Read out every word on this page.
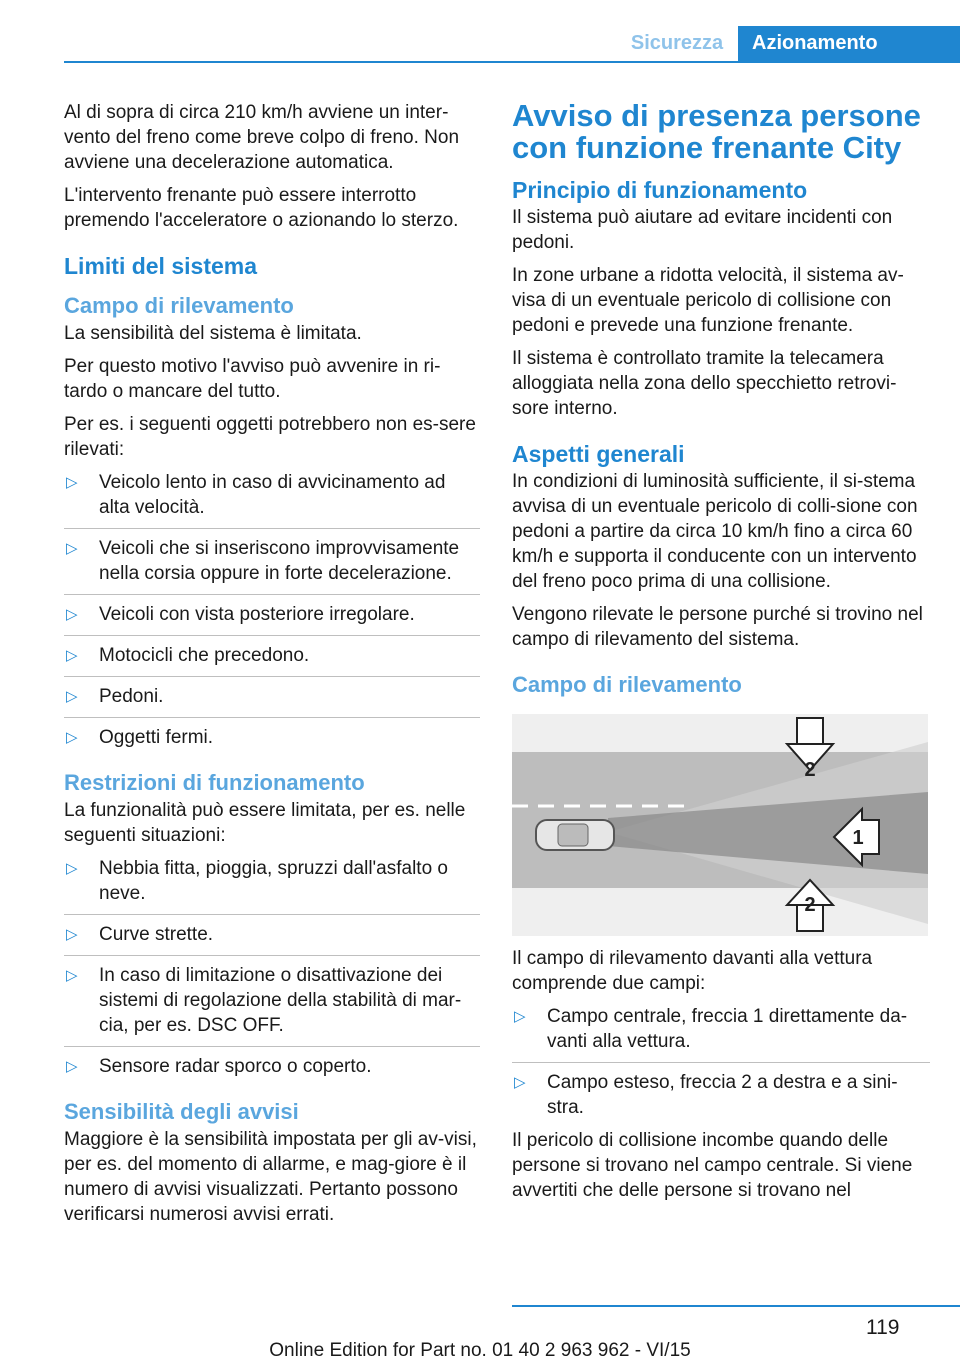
Sicurezza	Azionamento

Al di sopra di circa 210 km/h avviene un inter‐vento del freno come breve colpo di freno. Non avviene una decelerazione automatica.

L'intervento frenante può essere interrotto premendo l'acceleratore o azionando lo sterzo.

Limiti del sistema
Campo di rilevamento

La sensibilità del sistema è limitata.

Per questo motivo l'avviso può avvenire in ri‐tardo o mancare del tutto.

Per es. i seguenti oggetti potrebbero non es‐sere rilevati:

▷ Veicolo lento in caso di avvicinamento ad alta velocità.
▷ Veicoli che si inseriscono improvvisamente nella corsia oppure in forte decelerazione.
▷ Veicoli con vista posteriore irregolare.
▷ Motocicli che precedono.
▷ Pedoni.
▷ Oggetti fermi.
Restrizioni di funzionamento

La funzionalità può essere limitata, per es. nelle seguenti situazioni:

▷ Nebbia fitta, pioggia, spruzzi dall'asfalto o neve.
▷ Curve strette.
▷ In caso di limitazione o disattivazione dei sistemi di regolazione della stabilità di mar‐cia, per es. DSC OFF.
▷ Sensore radar sporco o coperto.
Sensibilità degli avvisi

Maggiore è la sensibilità impostata per gli av‐visi, per es. del momento di allarme, e mag‐giore è il numero di avvisi visualizzati. Pertanto possono verificarsi numerosi avvisi errati.

Avviso di presenza persone con funzione frenante City
Principio di funzionamento

Il sistema può aiutare ad evitare incidenti con pedoni.

In zone urbane a ridotta velocità, il sistema av‐visa di un eventuale pericolo di collisione con pedoni e prevede una funzione frenante.

Il sistema è controllato tramite la telecamera alloggiata nella zona dello specchietto retrovi‐sore interno.

Aspetti generali

In condizioni di luminosità sufficiente, il si‐stema avvisa di un eventuale pericolo di colli‐sione con pedoni a partire da circa 10 km/h fino a circa 60 km/h e supporta il conducente con un intervento del freno poco prima di una collisione.

Vengono rilevate le persone purché si trovino nel campo di rilevamento del sistema.

Campo di rilevamento
2
1
2

Il campo di rilevamento davanti alla vettura comprende due campi:

▷ Campo centrale, freccia 1 direttamente da‐vanti alla vettura.
▷ Campo esteso, freccia 2 a destra e a sini‐stra.

Il pericolo di collisione incombe quando delle persone si trovano nel campo centrale. Si viene avvertiti che delle persone si trovano nel

119
Online Edition for Part no. 01 40 2 963 962 - VI/15
